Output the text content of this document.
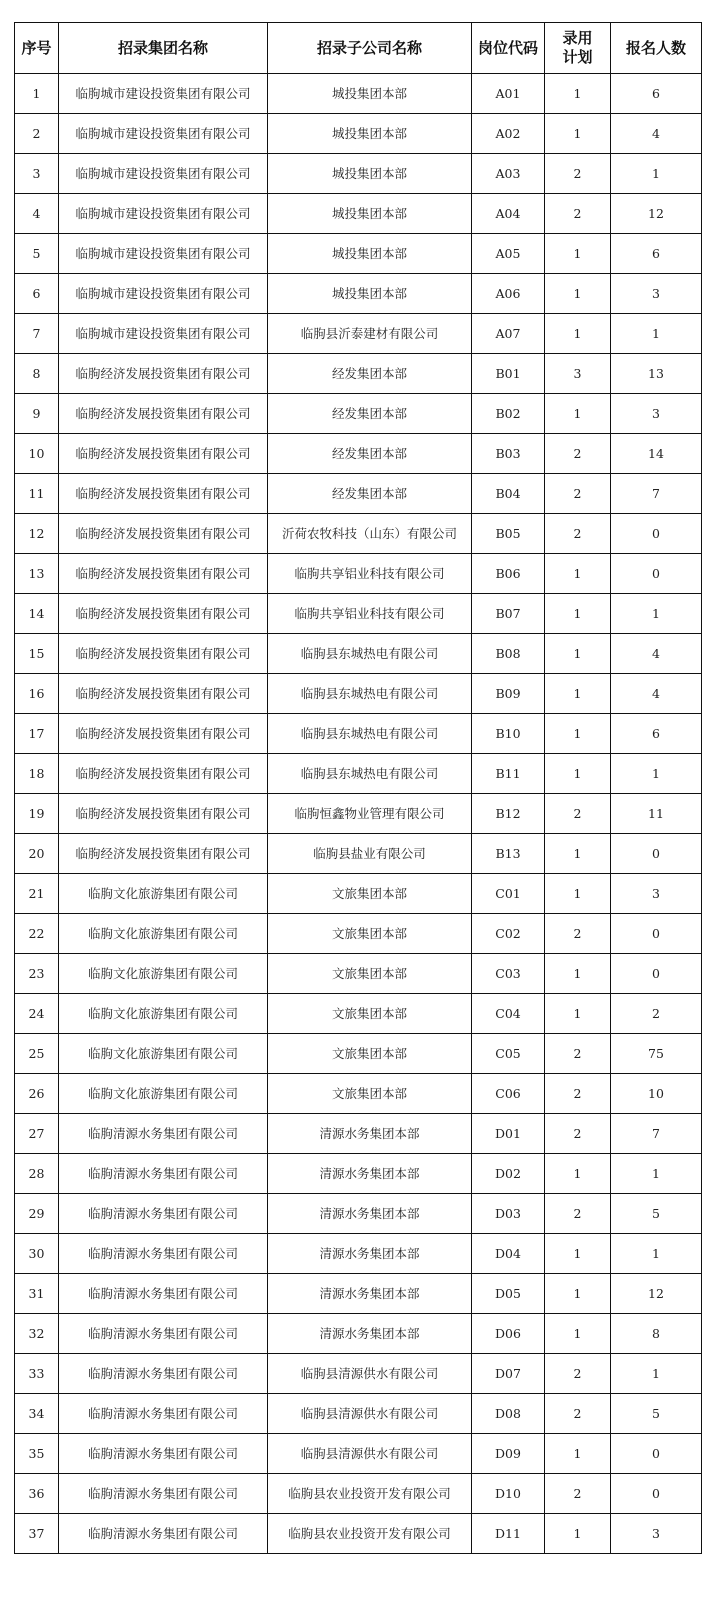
序号	招录集团名称	招录子公司名称	岗位代码	录用计划	报名人数
1	临朐城市建设投资集团有限公司	城投集团本部	A01	1	6
2	临朐城市建设投资集团有限公司	城投集团本部	A02	1	4
3	临朐城市建设投资集团有限公司	城投集团本部	A03	2	1
4	临朐城市建设投资集团有限公司	城投集团本部	A04	2	12
5	临朐城市建设投资集团有限公司	城投集团本部	A05	1	6
6	临朐城市建设投资集团有限公司	城投集团本部	A06	1	3
7	临朐城市建设投资集团有限公司	临朐县沂泰建材有限公司	A07	1	1
8	临朐经济发展投资集团有限公司	经发集团本部	B01	3	13
9	临朐经济发展投资集团有限公司	经发集团本部	B02	1	3
10	临朐经济发展投资集团有限公司	经发集团本部	B03	2	14
11	临朐经济发展投资集团有限公司	经发集团本部	B04	2	7
12	临朐经济发展投资集团有限公司	沂荷农牧科技（山东）有限公司	B05	2	0
13	临朐经济发展投资集团有限公司	临朐共享铝业科技有限公司	B06	1	0
14	临朐经济发展投资集团有限公司	临朐共享铝业科技有限公司	B07	1	1
15	临朐经济发展投资集团有限公司	临朐县东城热电有限公司	B08	1	4
16	临朐经济发展投资集团有限公司	临朐县东城热电有限公司	B09	1	4
17	临朐经济发展投资集团有限公司	临朐县东城热电有限公司	B10	1	6
18	临朐经济发展投资集团有限公司	临朐县东城热电有限公司	B11	1	1
19	临朐经济发展投资集团有限公司	临朐恒鑫物业管理有限公司	B12	2	11
20	临朐经济发展投资集团有限公司	临朐县盐业有限公司	B13	1	0
21	临朐文化旅游集团有限公司	文旅集团本部	C01	1	3
22	临朐文化旅游集团有限公司	文旅集团本部	C02	2	0
23	临朐文化旅游集团有限公司	文旅集团本部	C03	1	0
24	临朐文化旅游集团有限公司	文旅集团本部	C04	1	2
25	临朐文化旅游集团有限公司	文旅集团本部	C05	2	75
26	临朐文化旅游集团有限公司	文旅集团本部	C06	2	10
27	临朐清源水务集团有限公司	清源水务集团本部	D01	2	7
28	临朐清源水务集团有限公司	清源水务集团本部	D02	1	1
29	临朐清源水务集团有限公司	清源水务集团本部	D03	2	5
30	临朐清源水务集团有限公司	清源水务集团本部	D04	1	1
31	临朐清源水务集团有限公司	清源水务集团本部	D05	1	12
32	临朐清源水务集团有限公司	清源水务集团本部	D06	1	8
33	临朐清源水务集团有限公司	临朐县清源供水有限公司	D07	2	1
34	临朐清源水务集团有限公司	临朐县清源供水有限公司	D08	2	5
35	临朐清源水务集团有限公司	临朐县清源供水有限公司	D09	1	0
36	临朐清源水务集团有限公司	临朐县农业投资开发有限公司	D10	2	0
37	临朐清源水务集团有限公司	临朐县农业投资开发有限公司	D11	1	3
